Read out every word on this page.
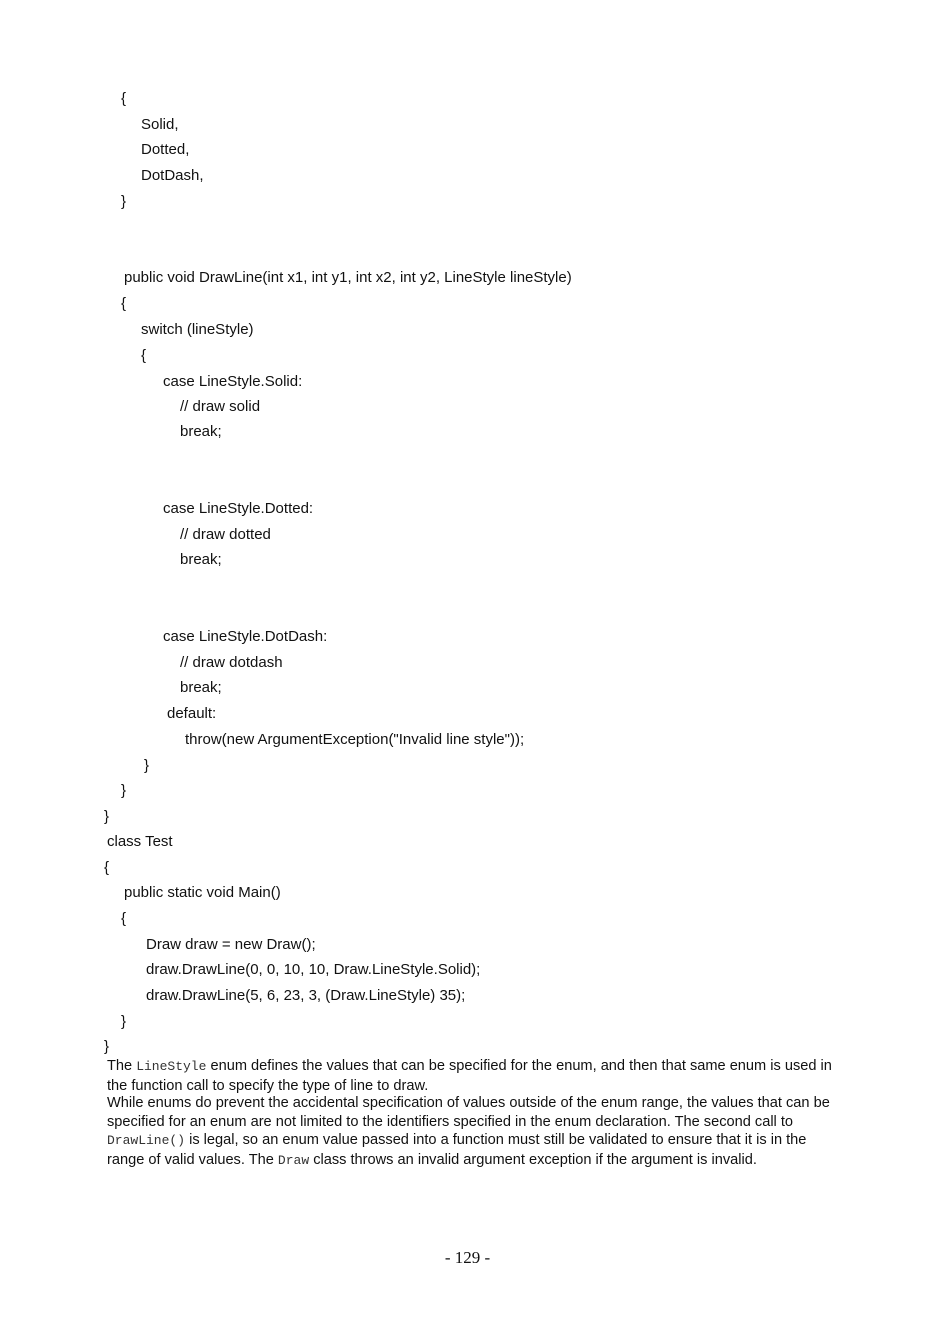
{
Solid,
Dotted,
DotDash,
}
public void DrawLine(int x1, int y1, int x2, int y2, LineStyle lineStyle)
{
switch (lineStyle)
{
case LineStyle.Solid:
// draw solid
break;
case LineStyle.Dotted:
// draw dotted
break;
case LineStyle.DotDash:
// draw dotdash
break;
default:
throw(new ArgumentException("Invalid line style"));
}
}
}
class Test
{
public static void Main()
{
Draw draw = new Draw();
draw.DrawLine(0, 0, 10, 10, Draw.LineStyle.Solid);
draw.DrawLine(5, 6, 23, 3, (Draw.LineStyle) 35);
}
}

The LineStyle enum defines the values that can be specified for the enum, and then that same enum is used in the function call to specify the type of line to draw.

While enums do prevent the accidental specification of values outside of the enum range, the values that can be specified for an enum are not limited to the identifiers specified in the enum declaration. The second call to DrawLine() is legal, so an enum value passed into a function must still be validated to ensure that it is in the range of valid values. The Draw class throws an invalid argument exception if the argument is invalid.

- 129 -
